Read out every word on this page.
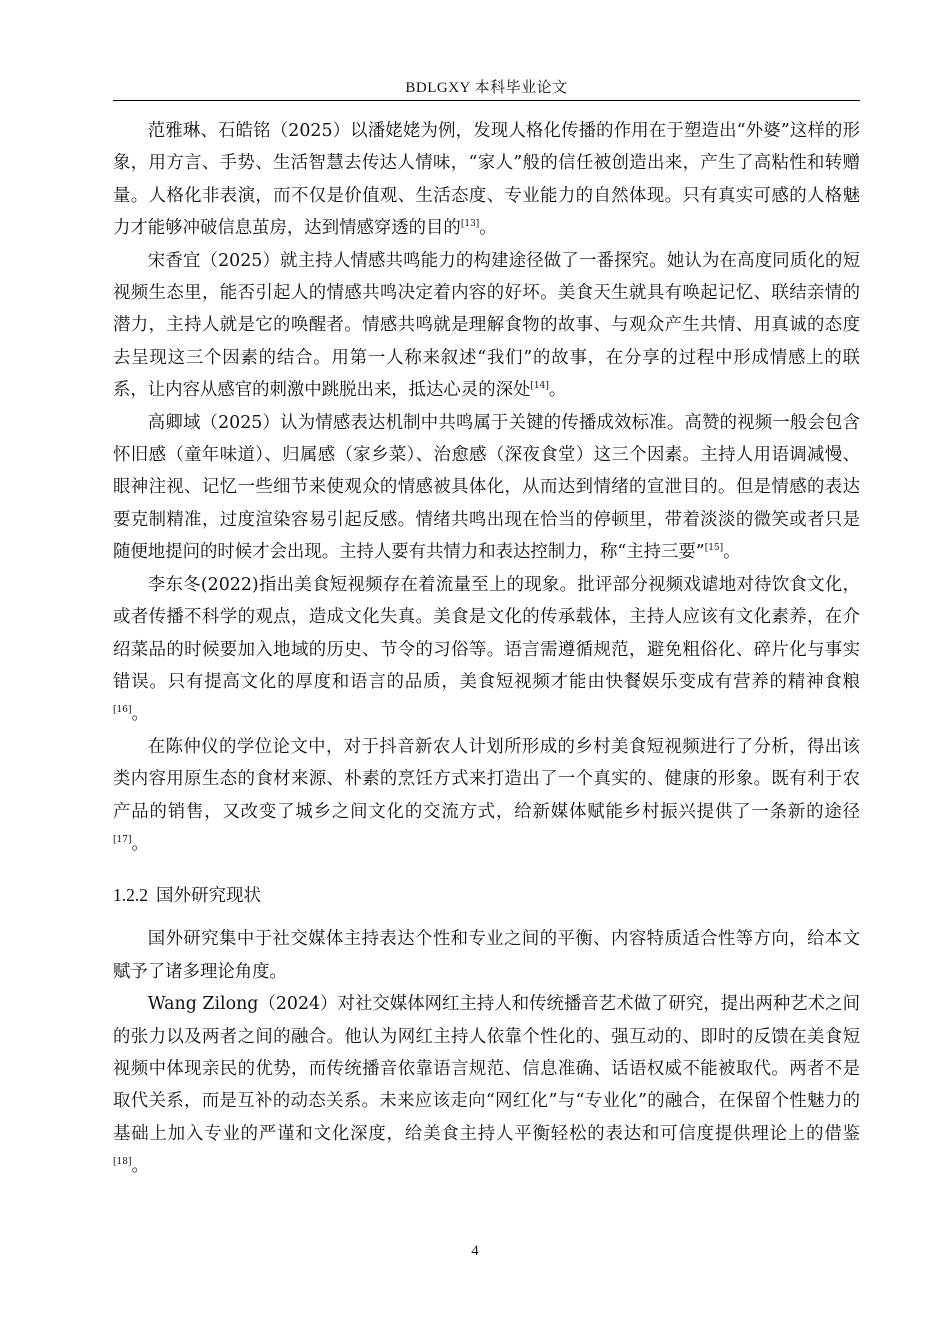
BDLGXY 本科毕业论文

范雅琳、石皓铭（2025）以潘姥姥为例，发现人格化传播的作用在于塑造出“外婆”这样的形象，用方言、手势、生活智慧去传达人情味，“家人”般的信任被创造出来，产生了高粘性和转赠量。人格化非表演，而不仅是价值观、生活态度、专业能力的自然体现。只有真实可感的人格魅力才能够冲破信息茧房，达到情感穿透的目的[13]。

宋香宜（2025）就主持人情感共鸣能力的构建途径做了一番探究。她认为在高度同质化的短视频生态里，能否引起人的情感共鸣决定着内容的好坏。美食天生就具有唤起记忆、联结亲情的潜力，主持人就是它的唤醒者。情感共鸣就是理解食物的故事、与观众产生共情、用真诚的态度去呈现这三个因素的结合。用第一人称来叙述“我们”的故事，在分享的过程中形成情感上的联系，让内容从感官的刺激中跳脱出来，抵达心灵的深处[14]。

高卿域（2025）认为情感表达机制中共鸣属于关键的传播成效标准。高赞的视频一般会包含怀旧感（童年味道）、归属感（家乡菜）、治愈感（深夜食堂）这三个因素。主持人用语调减慢、眼神注视、记忆一些细节来使观众的情感被具体化，从而达到情绪的宣泄目的。但是情感的表达要克制精准，过度渲染容易引起反感。情绪共鸣出现在恰当的停顿里，带着淡淡的微笑或者只是随便地提问的时候才会出现。主持人要有共情力和表达控制力，称“主持三要”[15]。

李东冬(2022)指出美食短视频存在着流量至上的现象。批评部分视频戏谑地对待饮食文化，或者传播不科学的观点，造成文化失真。美食是文化的传承载体，主持人应该有文化素养，在介绍菜品的时候要加入地域的历史、节令的习俗等。语言需遵循规范，避免粗俗化、碎片化与事实错误。只有提高文化的厚度和语言的品质，美食短视频才能由快餐娱乐变成有营养的精神食粮[16]。

在陈仲仪的学位论文中，对于抖音新农人计划所形成的乡村美食短视频进行了分析，得出该类内容用原生态的食材来源、朴素的烹饪方式来打造出了一个真实的、健康的形象。既有利于农产品的销售，又改变了城乡之间文化的交流方式，给新媒体赋能乡村振兴提供了一条新的途径[17]。

1.2.2 国外研究现状

国外研究集中于社交媒体主持表达个性和专业之间的平衡、内容特质适合性等方向，给本文赋予了诸多理论角度。

Wang Zilong（2024）对社交媒体网红主持人和传统播音艺术做了研究，提出两种艺术之间的张力以及两者之间的融合。他认为网红主持人依靠个性化的、强互动的、即时的反馈在美食短视频中体现亲民的优势，而传统播音依靠语言规范、信息准确、话语权威不能被取代。两者不是取代关系，而是互补的动态关系。未来应该走向“网红化”与“专业化”的融合，在保留个性魅力的基础上加入专业的严谨和文化深度，给美食主持人平衡轻松的表达和可信度提供理论上的借鉴[18]。

4
